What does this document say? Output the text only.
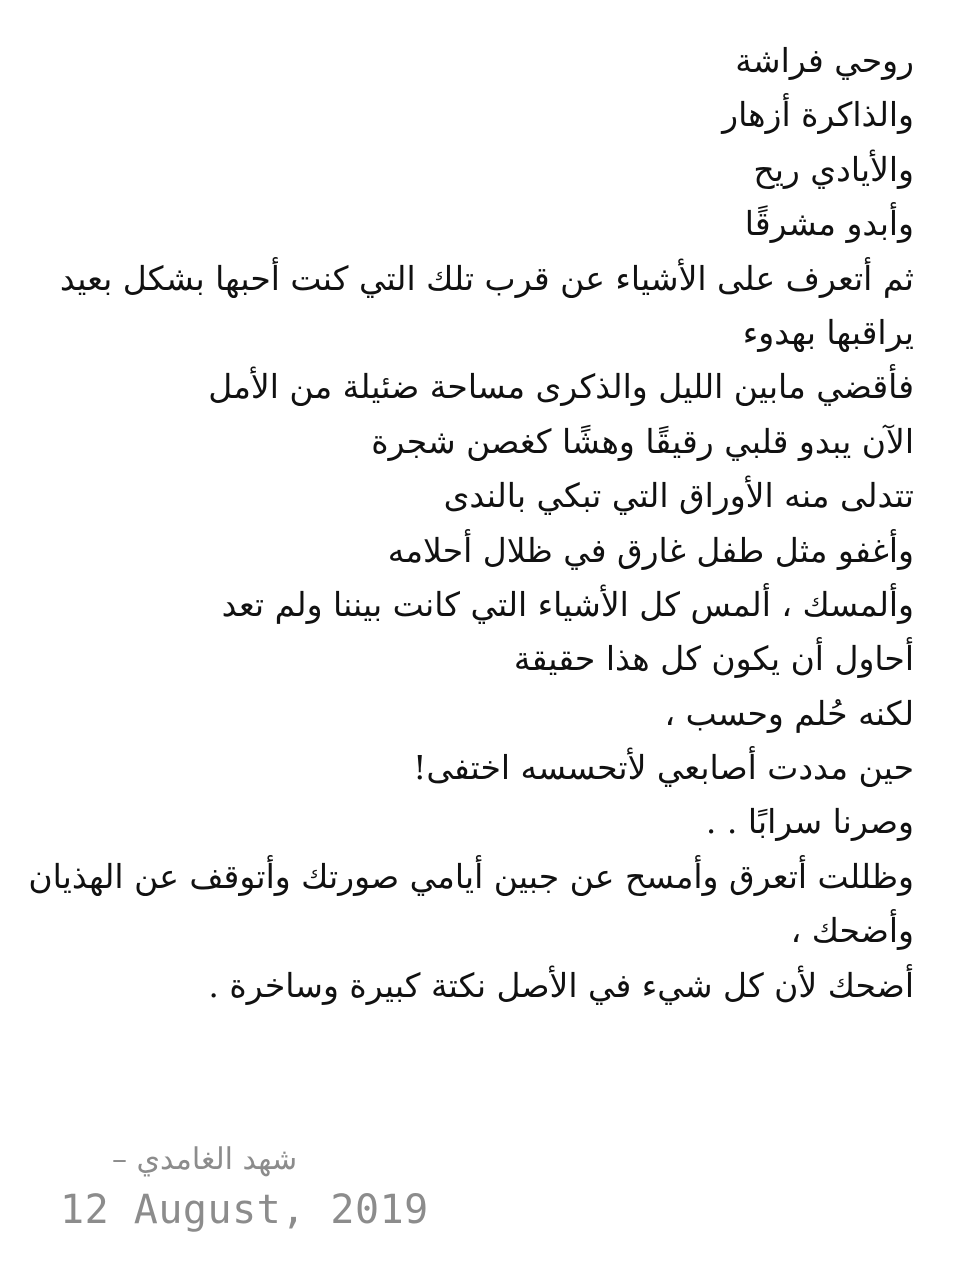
روحي فراشة
والذاكرة أزهار
والأيادي ريح
وأبدو مشرقًا
ثم أتعرف على الأشياء عن قرب تلك التي كنت أحبها بشكل بعيد
يراقبها بهدوء
فأقضي مابين الليل والذكرى مساحة ضئيلة من الأمل
الآن يبدو قلبي رقيقًا وهشًا كغصن شجرة
تتدلى منه الأوراق التي تبكي بالندى
وأغفو مثل طفل غارق في ظلال أحلامه
وألمسك ، ألمس كل الأشياء التي كانت بيننا ولم تعد
أحاول أن يكون كل هذا حقيقة
لكنه حُلم وحسب ،
حين مددت أصابعي لأتحسسه اختفى!
وصرنا سرابًا . .
وظللت أتعرق وأمسح عن جبين أيامي صورتك وأتوقف عن الهذيان
وأضحك ،
أضحك لأن كل شيء في الأصل نكتة كبيرة وساخرة .
شهد الغامدي –
12 August, 2019
